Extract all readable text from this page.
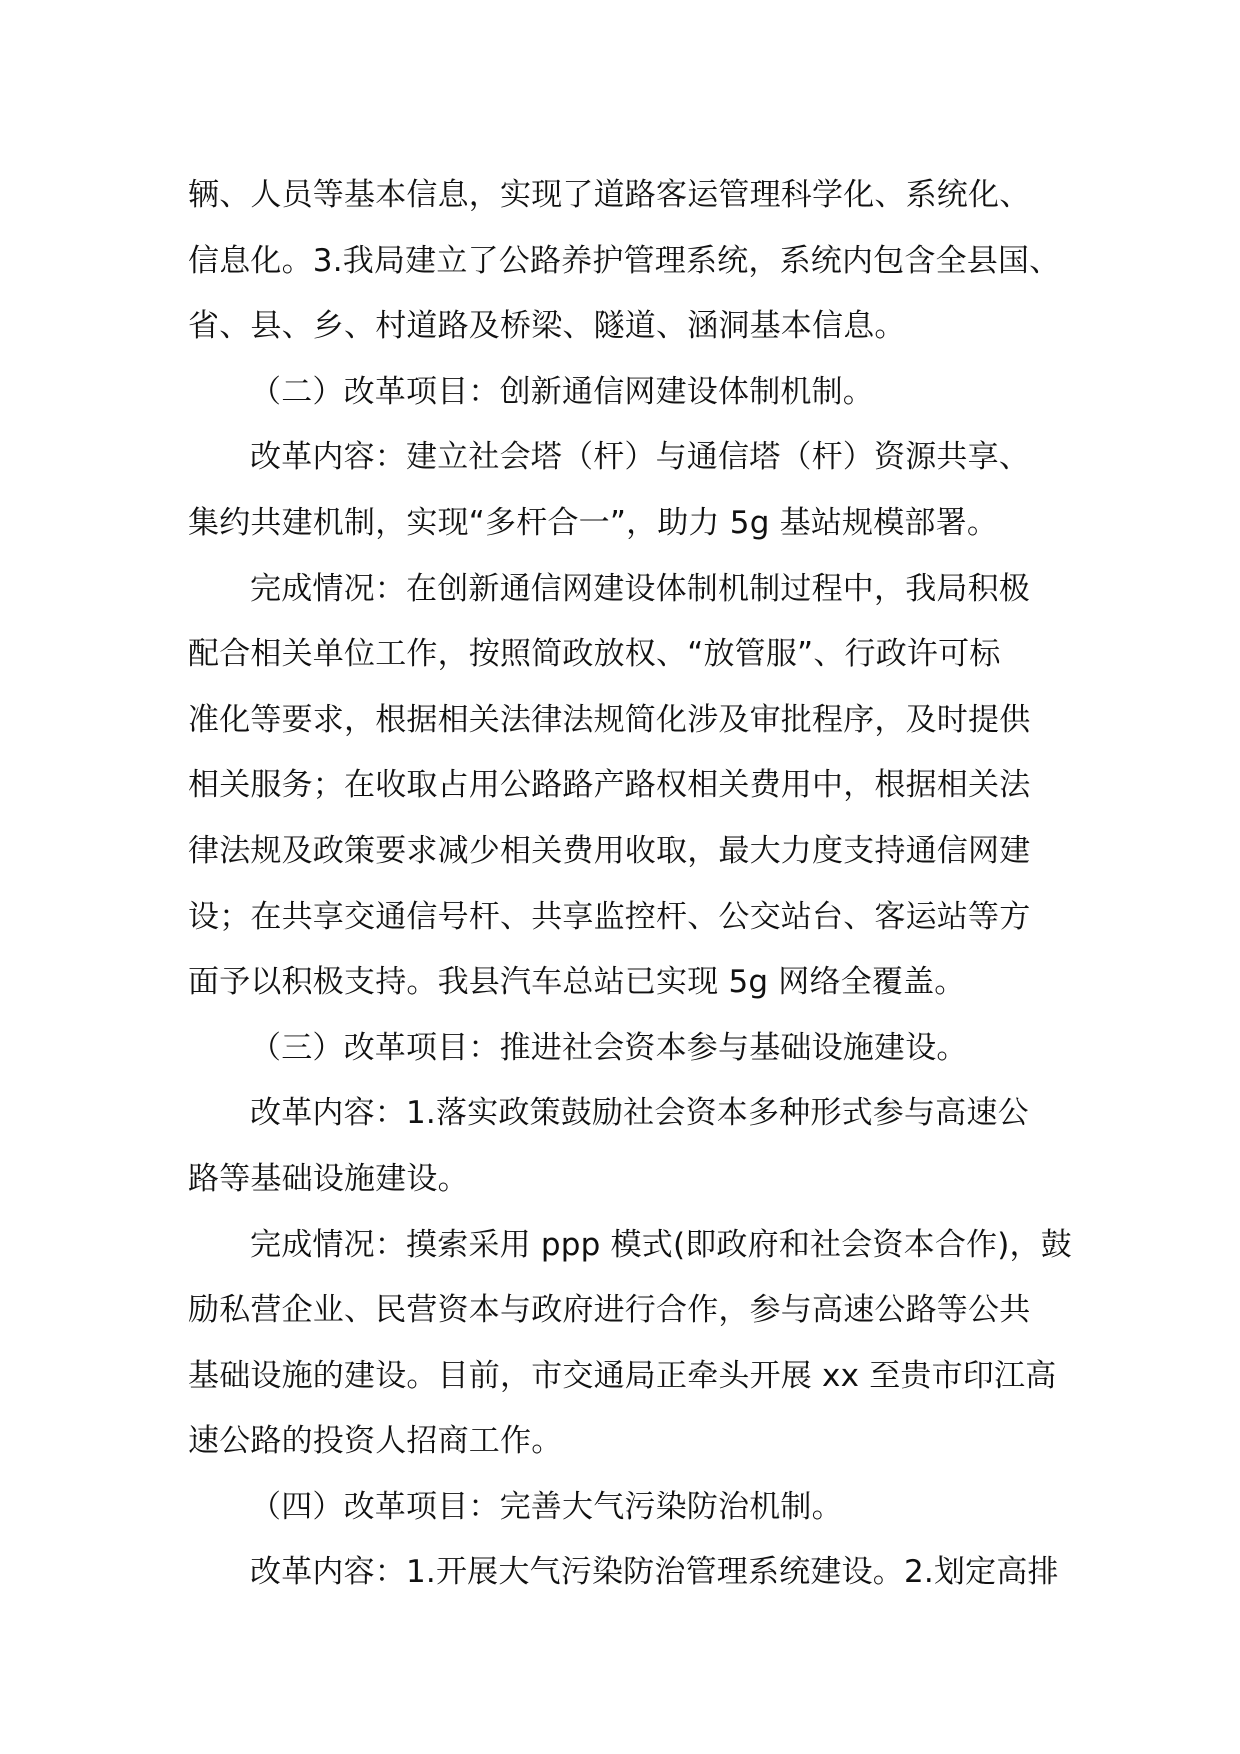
辆、人员等基本信息，实现了道路客运管理科学化、系统化、
信息化。3.我局建立了公路养护管理系统，系统内包含全县国、
省、县、乡、村道路及桥梁、隧道、涵洞基本信息。
（二）改革项目：创新通信网建设体制机制。
改革内容：建立社会塔（杆）与通信塔（杆）资源共享、
集约共建机制，实现“多杆合一”，助力 5g 基站规模部署。
完成情况：在创新通信网建设体制机制过程中，我局积极
配合相关单位工作，按照简政放权、“放管服”、行政许可标
准化等要求，根据相关法律法规简化涉及审批程序，及时提供
相关服务；在收取占用公路路产路权相关费用中，根据相关法
律法规及政策要求减少相关费用收取，最大力度支持通信网建
设；在共享交通信号杆、共享监控杆、公交站台、客运站等方
面予以积极支持。我县汽车总站已实现 5g 网络全覆盖。
（三）改革项目：推进社会资本参与基础设施建设。
改革内容：1.落实政策鼓励社会资本多种形式参与高速公
路等基础设施建设。
完成情况：摸索采用 ppp 模式(即政府和社会资本合作)，鼓
励私营企业、民营资本与政府进行合作，参与高速公路等公共
基础设施的建设。目前，市交通局正牵头开展 xx 至贵市印江高
速公路的投资人招商工作。
（四）改革项目：完善大气污染防治机制。
改革内容：1.开展大气污染防治管理系统建设。2.划定高排
